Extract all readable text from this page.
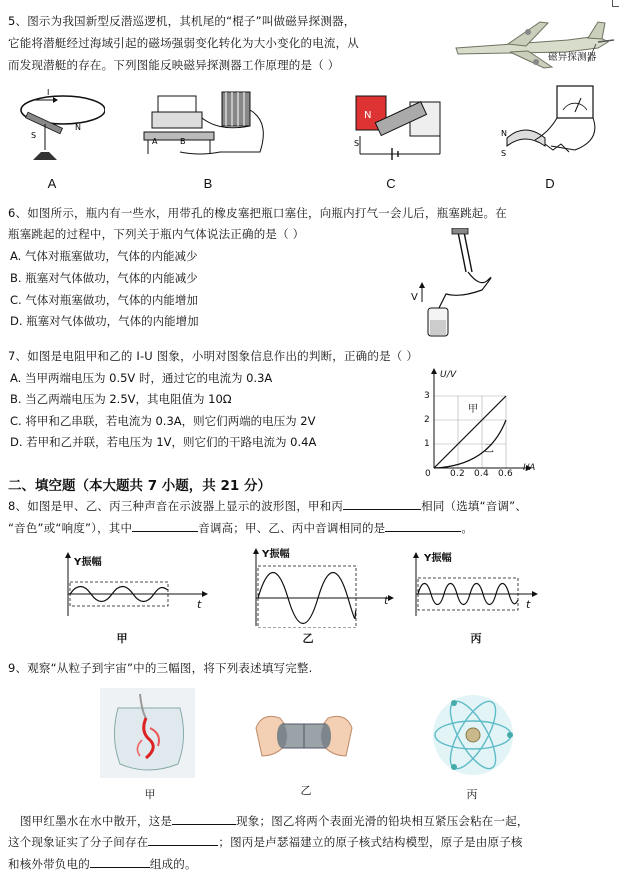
5、图示为我国新型反潜巡逻机，其机尾的“棍子”叫做磁异探测器，
它能将潜艇经过海域引起的磁场强弱变化转化为大小变化的电流，从
而发现潜艇的存在。下列图能反映磁异探测器工作原理的是（ ）
磁异探测器
I
S
N
A	B
N
S
N
S
A	B	C	D
6、如图所示，瓶内有一些水，用带孔的橡皮塞把瓶口塞住，向瓶内打气一会儿后，瓶塞跳起。在
瓶塞跳起的过程中，下列关于瓶内气体说法正确的是（ ）
A. 气体对瓶塞做功，气体的内能减少
B. 瓶塞对气体做功，气体的内能减少
C. 气体对瓶塞做功，气体的内能增加
D. 瓶塞对气体做功，气体的内能增加
V
7、如图是电阻甲和乙的 I-U 图象，小明对图象信息作出的判断，正确的是（ ）
A. 当甲两端电压为 0.5V 时，通过它的电流为 0.3A
B. 当乙两端电压为 2.5V，其电阻值为 10Ω
C. 将甲和乙串联，若电流为 0.3A，则它们两端的电压为 2V
D. 若甲和乙并联，若电压为 1V，则它们的干路电流为 0.4A
U/V
I/A
1
2
3
0 0.2 0.4 0.6
甲
乙
二、填空题（本大题共 7 小题，共 21 分）
8、如图是甲、乙、丙三种声音在示波器上显示的波形图，甲和丙	相同（选填“音调”、
“音色”或“响度”），其中	音调高；甲、乙、丙中音调相同的是	。
Y振幅
t
Y振幅
t
Y振幅
t
甲	乙	丙
9、观察“从粒子到宇宙”中的三幅图，将下列表述填写完整.
甲	乙	丙
图甲红墨水在水中散开，这是	现象；图乙将两个表面光滑的铅块相互紧压会粘在一起，
这个现象证实了分子间存在	；图丙是卢瑟福建立的原子核式结构模型，原子是由原子核
和核外带负电的	组成的。
